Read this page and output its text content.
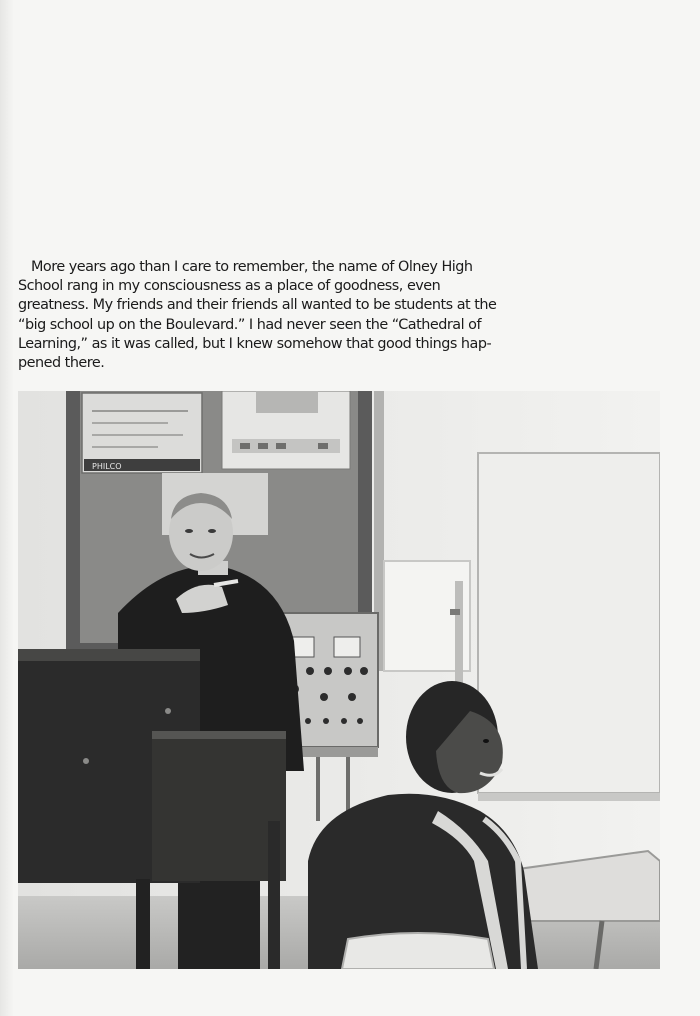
More years ago than I care to remember, the name of Olney High
School rang in my consciousness as a place of goodness, even
greatness. My friends and their friends all wanted to be students at the
“big school up on the Boulevard.” I had never seen the “Cathedral of
Learning,” as it was called, but I knew somehow that good things hap-
pened there.

PHILCO
